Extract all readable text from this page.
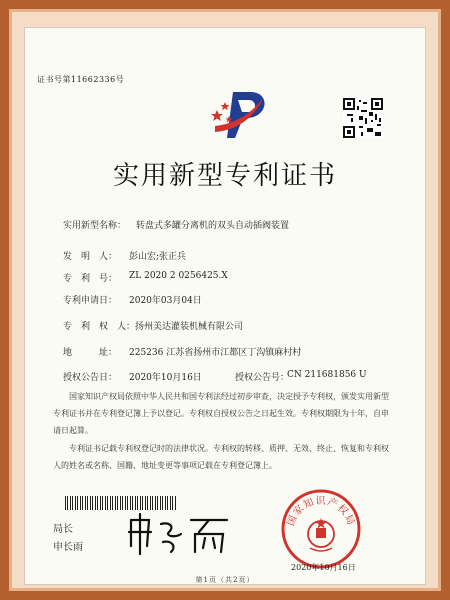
证书号第11662336号
实用新型专利证书
实用新型名称： 转盘式多罐分离机的双头自动插阀装置
发　明　人： 彭山宏;张正兵
专　利　号： ZL 2020 2 0256425.X
专利申请日： 2020年03月04日
专　利　权　人： 扬州美达灌装机械有限公司
地　　　址： 225236 江苏省扬州市江都区丁沟镇麻村村
授权公告日： 2020年10月16日	授权公告号：
CN 211681856 U
国家知识产权局依照中华人民共和国专利法经过初步审查，决定授予专利权，颁发实用新型专利证书并在专利登记簿上予以登记。专利权自授权公告之日起生效。专利权期限为十年，自申请日起算。
专利证书记载专利权登记时的法律状况。专利权的转移、质押、无效、终止、恢复和专利权人的姓名或名称、国籍、地址变更等事项记载在专利登记簿上。
局长
申长雨
国家知识产权局
2020年10月16日
第1页（共2页）
